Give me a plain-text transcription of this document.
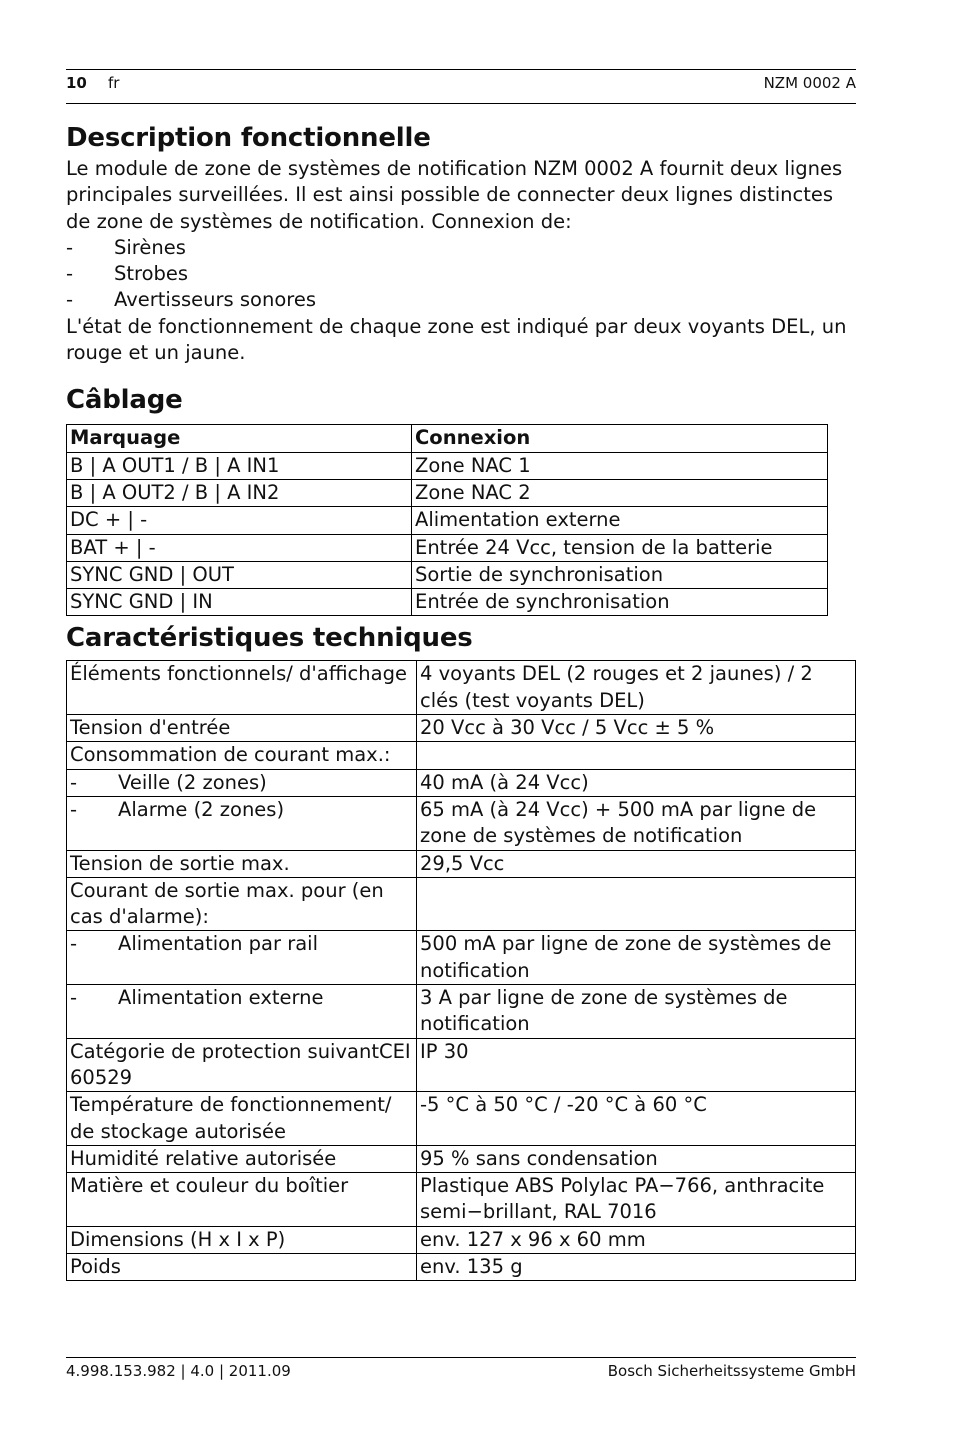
10 fr	NZM 0002 A
Description fonctionnelle

Le module de zone de systèmes de notification NZM 0002 A fournit deux lignes principales surveillées. Il est ainsi possible de connecter deux lignes distinctes de zone de systèmes de notification. Connexion de:

-	Sirènes
-	Strobes
-	Avertisseurs sonores

L'état de fonctionnement de chaque zone est indiqué par deux voyants DEL, un rouge et un jaune.

Câblage
Marquage	Connexion
B | A OUT1 / B | A IN1	Zone NAC 1
B | A OUT2 / B | A IN2	Zone NAC 2
DC + | -	Alimentation externe
BAT + | -	Entrée 24 Vcc, tension de la batterie
SYNC GND | OUT	Sortie de synchronisation
SYNC GND | IN	Entrée de synchronisation
Caractéristiques techniques
Éléments fonctionnels/ d'affichage	4 voyants DEL (2 rouges et 2 jaunes) / 2 clés (test voyants DEL)
Tension d'entrée	20 Vcc à 30 Vcc / 5 Vcc ± 5 %
Consommation de courant max.:	
- Veille (2 zones)	40 mA (à 24 Vcc)
- Alarme (2 zones)	65 mA (à 24 Vcc) + 500 mA par ligne de zone de systèmes de notification
Tension de sortie max.	29,5 Vcc
Courant de sortie max. pour (en cas d'alarme):	
- Alimentation par rail	500 mA par ligne de zone de systèmes de notification
- Alimentation externe	3 A par ligne de zone de systèmes de notification
Catégorie de protection suivantCEI 60529	IP 30
Température de fonctionnement/ de stockage autorisée	-5 °C à 50 °C / -20 °C à 60 °C
Humidité relative autorisée	95 % sans condensation
Matière et couleur du boîtier	Plastique ABS Polylac PA−766, anthracite semi−brillant, RAL 7016
Dimensions (H x I x P)	env. 127 x 96 x 60 mm
Poids	env. 135 g
4.998.153.982 | 4.0 | 2011.09	Bosch Sicherheitssysteme GmbH
